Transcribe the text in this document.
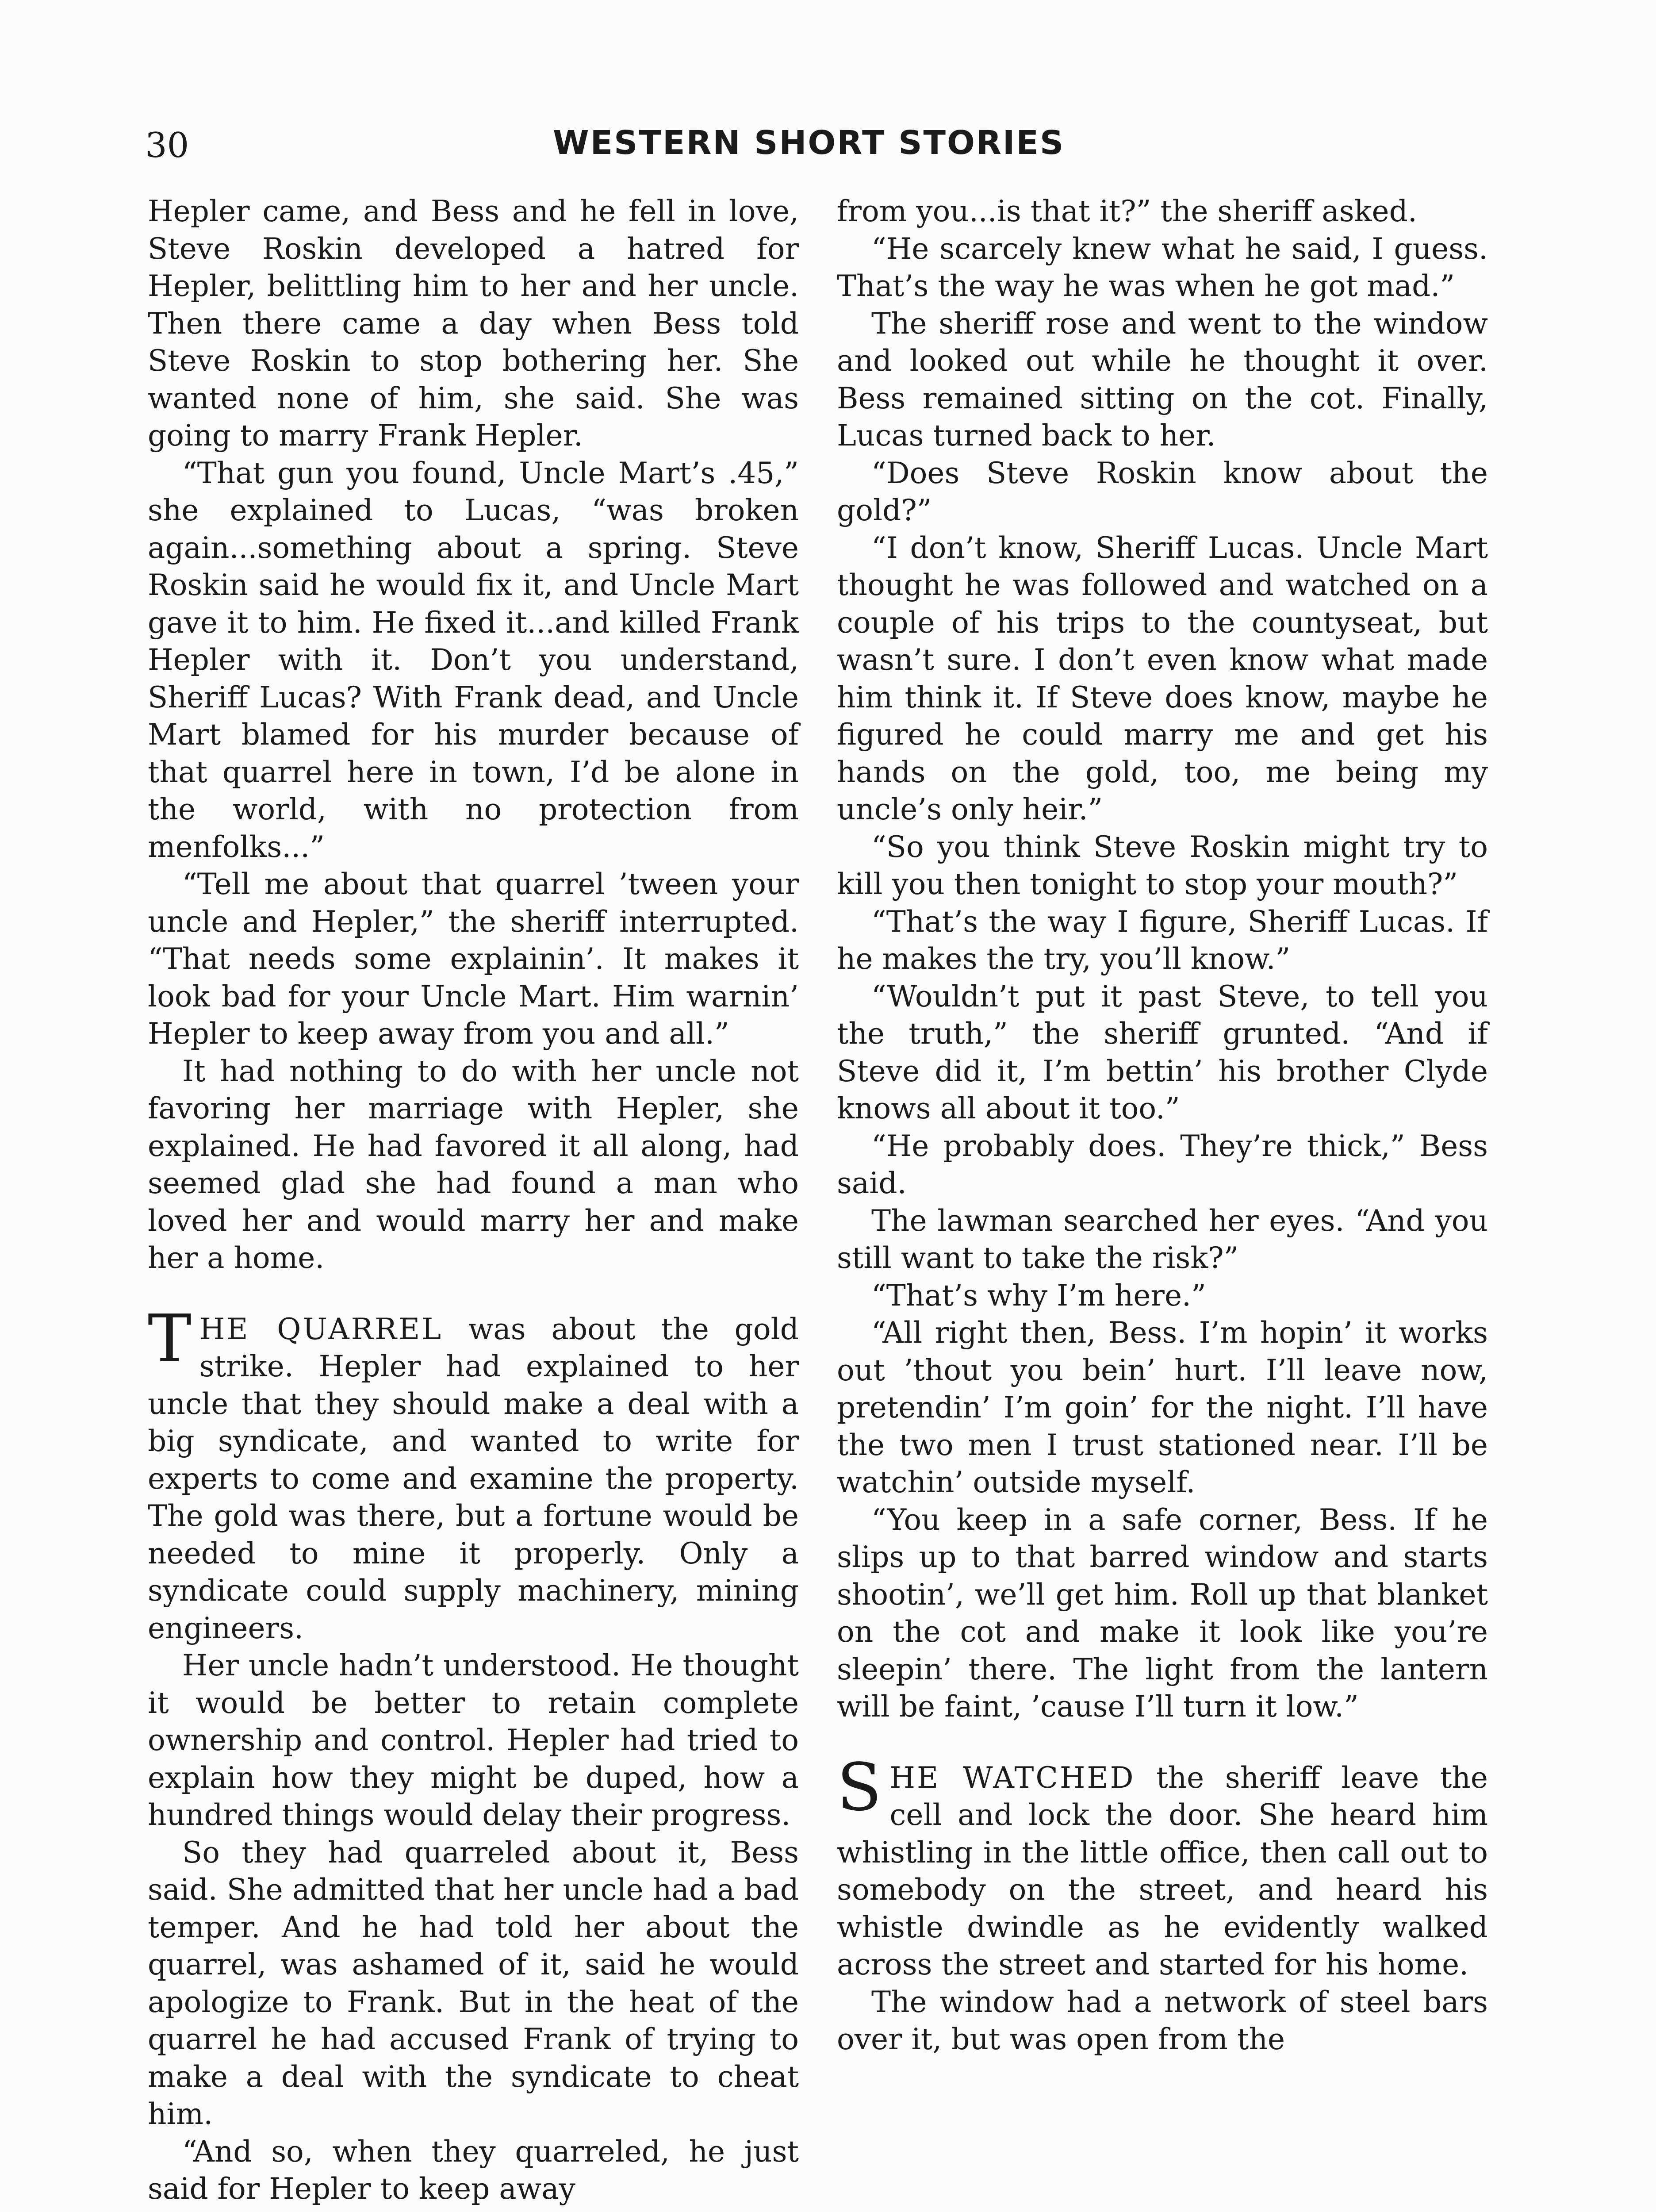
30	WESTERN SHORT STORIES

Hepler came, and Bess and he fell in love, Steve Roskin developed a hatred for Hepler, belittling him to her and her uncle. Then there came a day when Bess told Steve Roskin to stop bothering her. She wanted none of him, she said. She was going to marry Frank Hepler.

“That gun you found, Uncle Mart’s .45,” she explained to Lucas, “was broken again...something about a spring. Steve Roskin said he would fix it, and Uncle Mart gave it to him. He fixed it...and killed Frank Hepler with it. Don’t you understand, Sheriff Lucas? With Frank dead, and Uncle Mart blamed for his murder because of that quarrel here in town, I’d be alone in the world, with no protection from menfolks...”

“Tell me about that quarrel ’tween your uncle and Hepler,” the sheriff interrupted. “That needs some explainin’. It makes it look bad for your Uncle Mart. Him warnin’ Hepler to keep away from you and all.”

It had nothing to do with her uncle not favoring her marriage with Hepler, she explained. He had favored it all along, had seemed glad she had found a man who loved her and would marry her and make her a home.

THE QUARREL was about the gold strike. Hepler had explained to her uncle that they should make a deal with a big syndicate, and wanted to write for experts to come and examine the property. The gold was there, but a fortune would be needed to mine it properly. Only a syndicate could supply machinery, mining engineers.

Her uncle hadn’t understood. He thought it would be better to retain complete ownership and control. Hepler had tried to explain how they might be duped, how a hundred things would delay their progress.

So they had quarreled about it, Bess said. She admitted that her uncle had a bad temper. And he had told her about the quarrel, was ashamed of it, said he would apologize to Frank. But in the heat of the quarrel he had accused Frank of trying to make a deal with the syndicate to cheat him.

“And so, when they quarreled, he just said for Hepler to keep away

from you...is that it?” the sheriff asked.

“He scarcely knew what he said, I guess. That’s the way he was when he got mad.”

The sheriff rose and went to the window and looked out while he thought it over. Bess remained sitting on the cot. Finally, Lucas turned back to her.

“Does Steve Roskin know about the gold?”

“I don’t know, Sheriff Lucas. Uncle Mart thought he was followed and watched on a couple of his trips to the countyseat, but wasn’t sure. I don’t even know what made him think it. If Steve does know, maybe he figured he could marry me and get his hands on the gold, too, me being my uncle’s only heir.”

“So you think Steve Roskin might try to kill you then tonight to stop your mouth?”

“That’s the way I figure, Sheriff Lucas. If he makes the try, you’ll know.”

“Wouldn’t put it past Steve, to tell you the truth,” the sheriff grunted. “And if Steve did it, I’m bettin’ his brother Clyde knows all about it too.”

“He probably does. They’re thick,” Bess said.

The lawman searched her eyes. “And you still want to take the risk?”

“That’s why I’m here.”

“All right then, Bess. I’m hopin’ it works out ’thout you bein’ hurt. I’ll leave now, pretendin’ I’m goin’ for the night. I’ll have the two men I trust stationed near. I’ll be watchin’ outside myself.

“You keep in a safe corner, Bess. If he slips up to that barred window and starts shootin’, we’ll get him. Roll up that blanket on the cot and make it look like you’re sleepin’ there. The light from the lantern will be faint, ’cause I’ll turn it low.”

SHE WATCHED the sheriff leave the cell and lock the door. She heard him whistling in the little office, then call out to somebody on the street, and heard his whistle dwindle as he evidently walked across the street and started for his home.

The window had a network of steel bars over it, but was open from the
